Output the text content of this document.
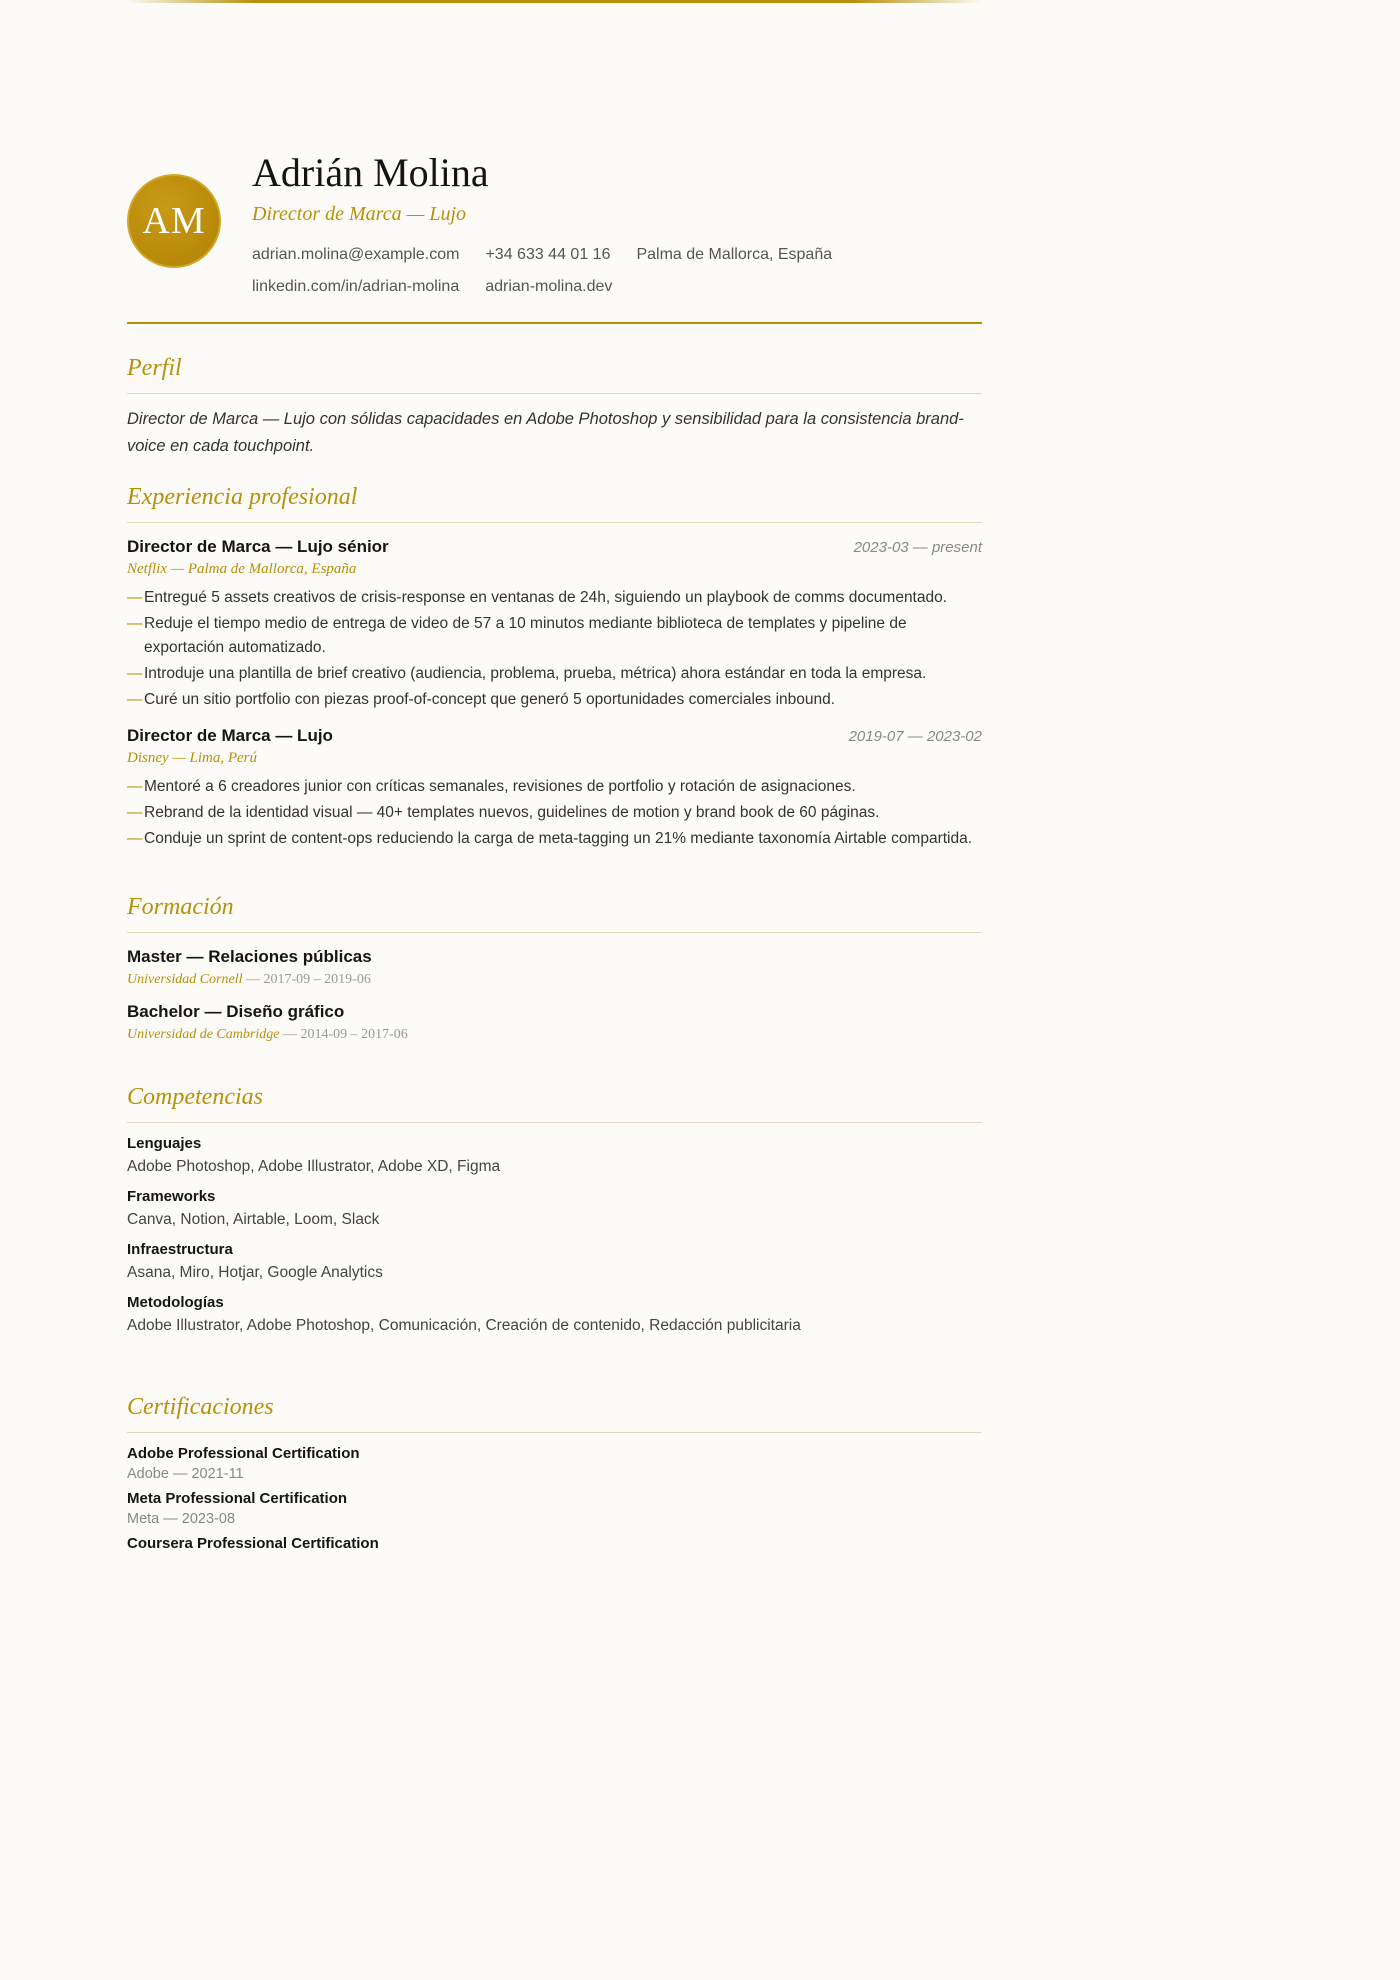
AM
Adrián Molina
Director de Marca — Lujo
adrian.molina@example.com +34 633 44 01 16 Palma de Mallorca, España
linkedin.com/in/adrian-molina adrian-molina.dev
Perfil
Director de Marca — Lujo con sólidas capacidades en Adobe Photoshop y sensibilidad para la consistencia brand-voice en cada touchpoint.
Experiencia profesional
Director de Marca — Lujo sénior	2023-03 — present
Netflix — Palma de Mallorca, España
— Entregué 5 assets creativos de crisis-response en ventanas de 24h, siguiendo un playbook de comms documentado.
— Reduje el tiempo medio de entrega de video de 57 a 10 minutos mediante biblioteca de templates y pipeline de exportación automatizado.
— Introduje una plantilla de brief creativo (audiencia, problema, prueba, métrica) ahora estándar en toda la empresa.
— Curé un sitio portfolio con piezas proof-of-concept que generó 5 oportunidades comerciales inbound.
Director de Marca — Lujo	2019-07 — 2023-02
Disney — Lima, Perú
— Mentoré a 6 creadores junior con críticas semanales, revisiones de portfolio y rotación de asignaciones.
— Rebrand de la identidad visual — 40+ templates nuevos, guidelines de motion y brand book de 60 páginas.
— Conduje un sprint de content-ops reduciendo la carga de meta-tagging un 21% mediante taxonomía Airtable compartida.
Formación
Master — Relaciones públicas
Universidad Cornell — 2017-09 – 2019-06
Bachelor — Diseño gráfico
Universidad de Cambridge — 2014-09 – 2017-06
Competencias
Lenguajes
Adobe Photoshop, Adobe Illustrator, Adobe XD, Figma
Frameworks
Canva, Notion, Airtable, Loom, Slack
Infraestructura
Asana, Miro, Hotjar, Google Analytics
Metodologías
Adobe Illustrator, Adobe Photoshop, Comunicación, Creación de contenido, Redacción publicitaria
Certificaciones
Adobe Professional Certification
Adobe — 2021-11
Meta Professional Certification
Meta — 2023-08
Coursera Professional Certification
